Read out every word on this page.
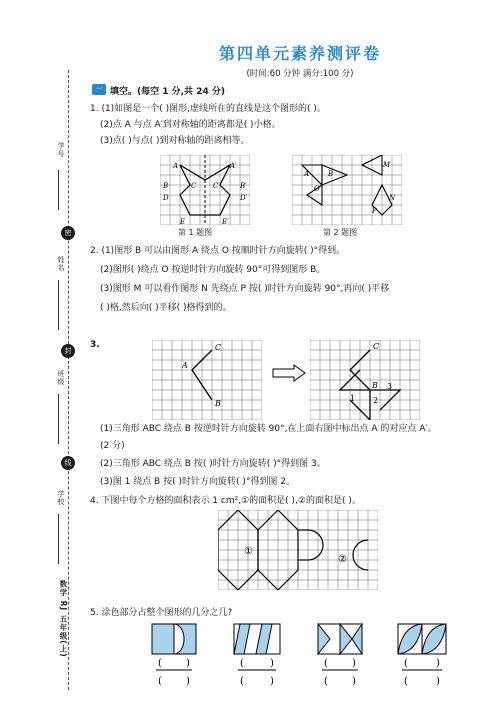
学号
密
姓名
封
班级
线
学校
数学 RJ 五年级(上)
第四单元素养测评卷
(时间:60 分钟 满分:100 分)
一 填空。(每空 1 分,共 24 分)
1. (1)如图是一个( )图形,虚线所在的直线是这个图形的( )。
(2)点 A 与点 A′到对称轴的距离都是( )小格。
(3)点( )与点( )到对称轴的距离相等。
A	A′
B	B′
C C′
D	D′
E	E′
第 1 题图
A	B
O
M
N
P
第 2 题图
2. (1)图形 B 可以由图形 A 绕点 O 按顺时针方向旋转( )°得到。
(2)图形( )绕点 O 按逆时针方向旋转 90°可得到图形 B。
(3)图形 M 可以看作图形 N 先绕点 P 按( )时针方向旋转 90°,再向( )平移
( )格,然后向( )平移( )格得到的。
3.
A
B
C	C
B
1 2
3
(1)三角形 ABC 绕点 B 按逆时针方向旋转 90°,在上面右图中标出点 A 的对应点 A′。
(2 分)
(2)三角形 ABC 绕点 B 按( )时针方向旋转( )°得到图 3。
(3)图 1 绕点 B 按( )时针方向旋转( )°得到图 2。
4. 下图中每个方格的面积表示 1 cm²,①的面积是( ),②的面积是( )。
①
②
5. 涂色部分占整个图形的几分之几?
( )
( )
(	)
(	)
( )
( )
(	)
(	)
